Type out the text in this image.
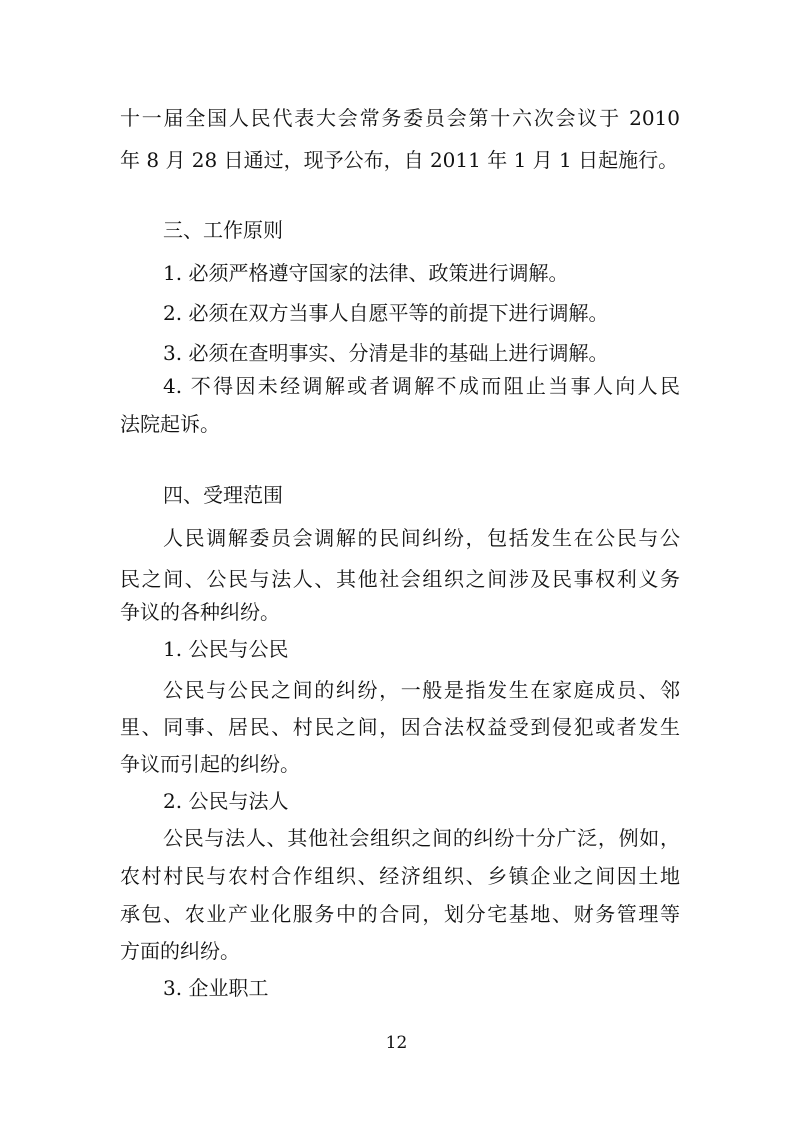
十一届全国人民代表大会常务委员会第十六次会议于 2010
年 8 月 28 日通过，现予公布，自 2011 年 1 月 1 日起施行。
三、工作原则
1. 必须严格遵守国家的法律、政策进行调解。
2. 必须在双方当事人自愿平等的前提下进行调解。
3. 必须在查明事实、分清是非的基础上进行调解。
4. 不得因未经调解或者调解不成而阻止当事人向人民
法院起诉。
四、受理范围
人民调解委员会调解的民间纠纷，包括发生在公民与公
民之间、公民与法人、其他社会组织之间涉及民事权利义务
争议的各种纠纷。
1. 公民与公民
公民与公民之间的纠纷，一般是指发生在家庭成员、邻
里、同事、居民、村民之间，因合法权益受到侵犯或者发生
争议而引起的纠纷。
2. 公民与法人
公民与法人、其他社会组织之间的纠纷十分广泛，例如，
农村村民与农村合作组织、经济组织、乡镇企业之间因土地
承包、农业产业化服务中的合同，划分宅基地、财务管理等
方面的纠纷。
3. 企业职工
12
